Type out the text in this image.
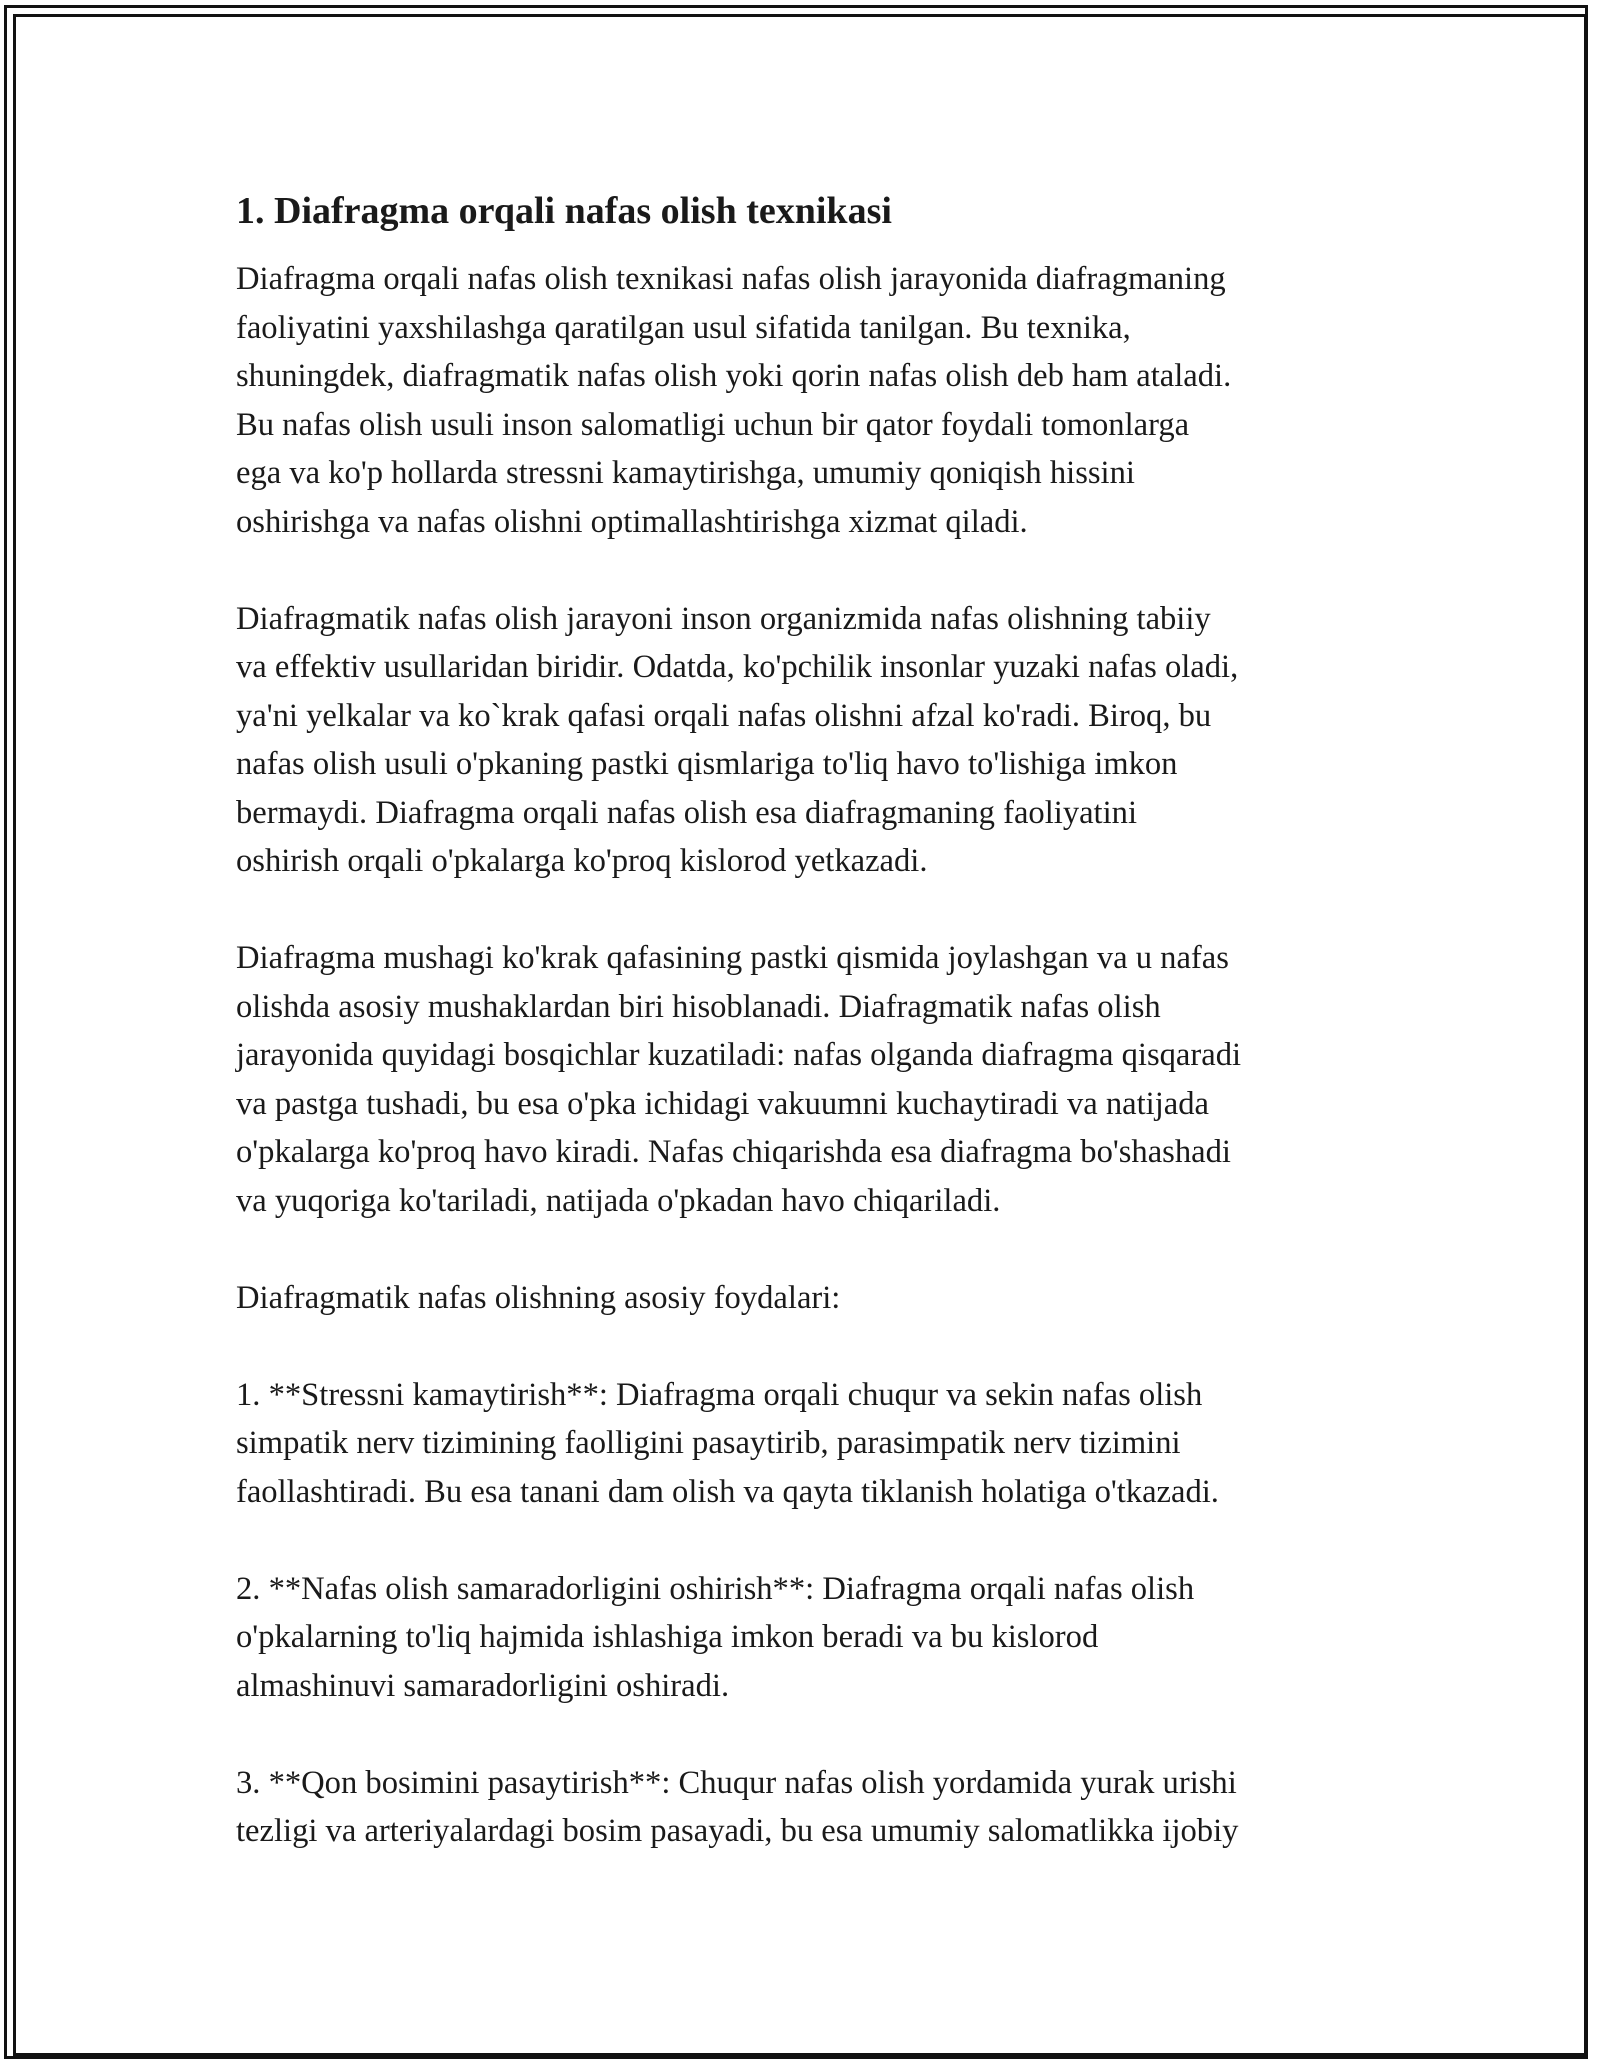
1. Diafragma orqali nafas olish texnikasi

Diafragma orqali nafas olish texnikasi nafas olish jarayonida diafragmaning
faoliyatini yaxshilashga qaratilgan usul sifatida tanilgan. Bu texnika,
shuningdek, diafragmatik nafas olish yoki qorin nafas olish deb ham ataladi.
Bu nafas olish usuli inson salomatligi uchun bir qator foydali tomonlarga
ega va ko'p hollarda stressni kamaytirishga, umumiy qoniqish hissini
oshirishga va nafas olishni optimallashtirishga xizmat qiladi.

Diafragmatik nafas olish jarayoni inson organizmida nafas olishning tabiiy
va effektiv usullaridan biridir. Odatda, ko'pchilik insonlar yuzaki nafas oladi,
ya'ni yelkalar va ko`krak qafasi orqali nafas olishni afzal ko'radi. Biroq, bu
nafas olish usuli o'pkaning pastki qismlariga to'liq havo to'lishiga imkon
bermaydi. Diafragma orqali nafas olish esa diafragmaning faoliyatini
oshirish orqali o'pkalarga ko'proq kislorod yetkazadi.

Diafragma mushagi ko'krak qafasining pastki qismida joylashgan va u nafas
olishda asosiy mushaklardan biri hisoblanadi. Diafragmatik nafas olish
jarayonida quyidagi bosqichlar kuzatiladi: nafas olganda diafragma qisqaradi
va pastga tushadi, bu esa o'pka ichidagi vakuumni kuchaytiradi va natijada
o'pkalarga ko'proq havo kiradi. Nafas chiqarishda esa diafragma bo'shashadi
va yuqoriga ko'tariladi, natijada o'pkadan havo chiqariladi.

Diafragmatik nafas olishning asosiy foydalari:

1. **Stressni kamaytirish**: Diafragma orqali chuqur va sekin nafas olish
simpatik nerv tizimining faolligini pasaytirib, parasimpatik nerv tizimini
faollashtiradi. Bu esa tanani dam olish va qayta tiklanish holatiga o'tkazadi.

2. **Nafas olish samaradorligini oshirish**: Diafragma orqali nafas olish
o'pkalarning to'liq hajmida ishlashiga imkon beradi va bu kislorod
almashinuvi samaradorligini oshiradi.

3. **Qon bosimini pasaytirish**: Chuqur nafas olish yordamida yurak urishi
tezligi va arteriyalardagi bosim pasayadi, bu esa umumiy salomatlikka ijobiy
